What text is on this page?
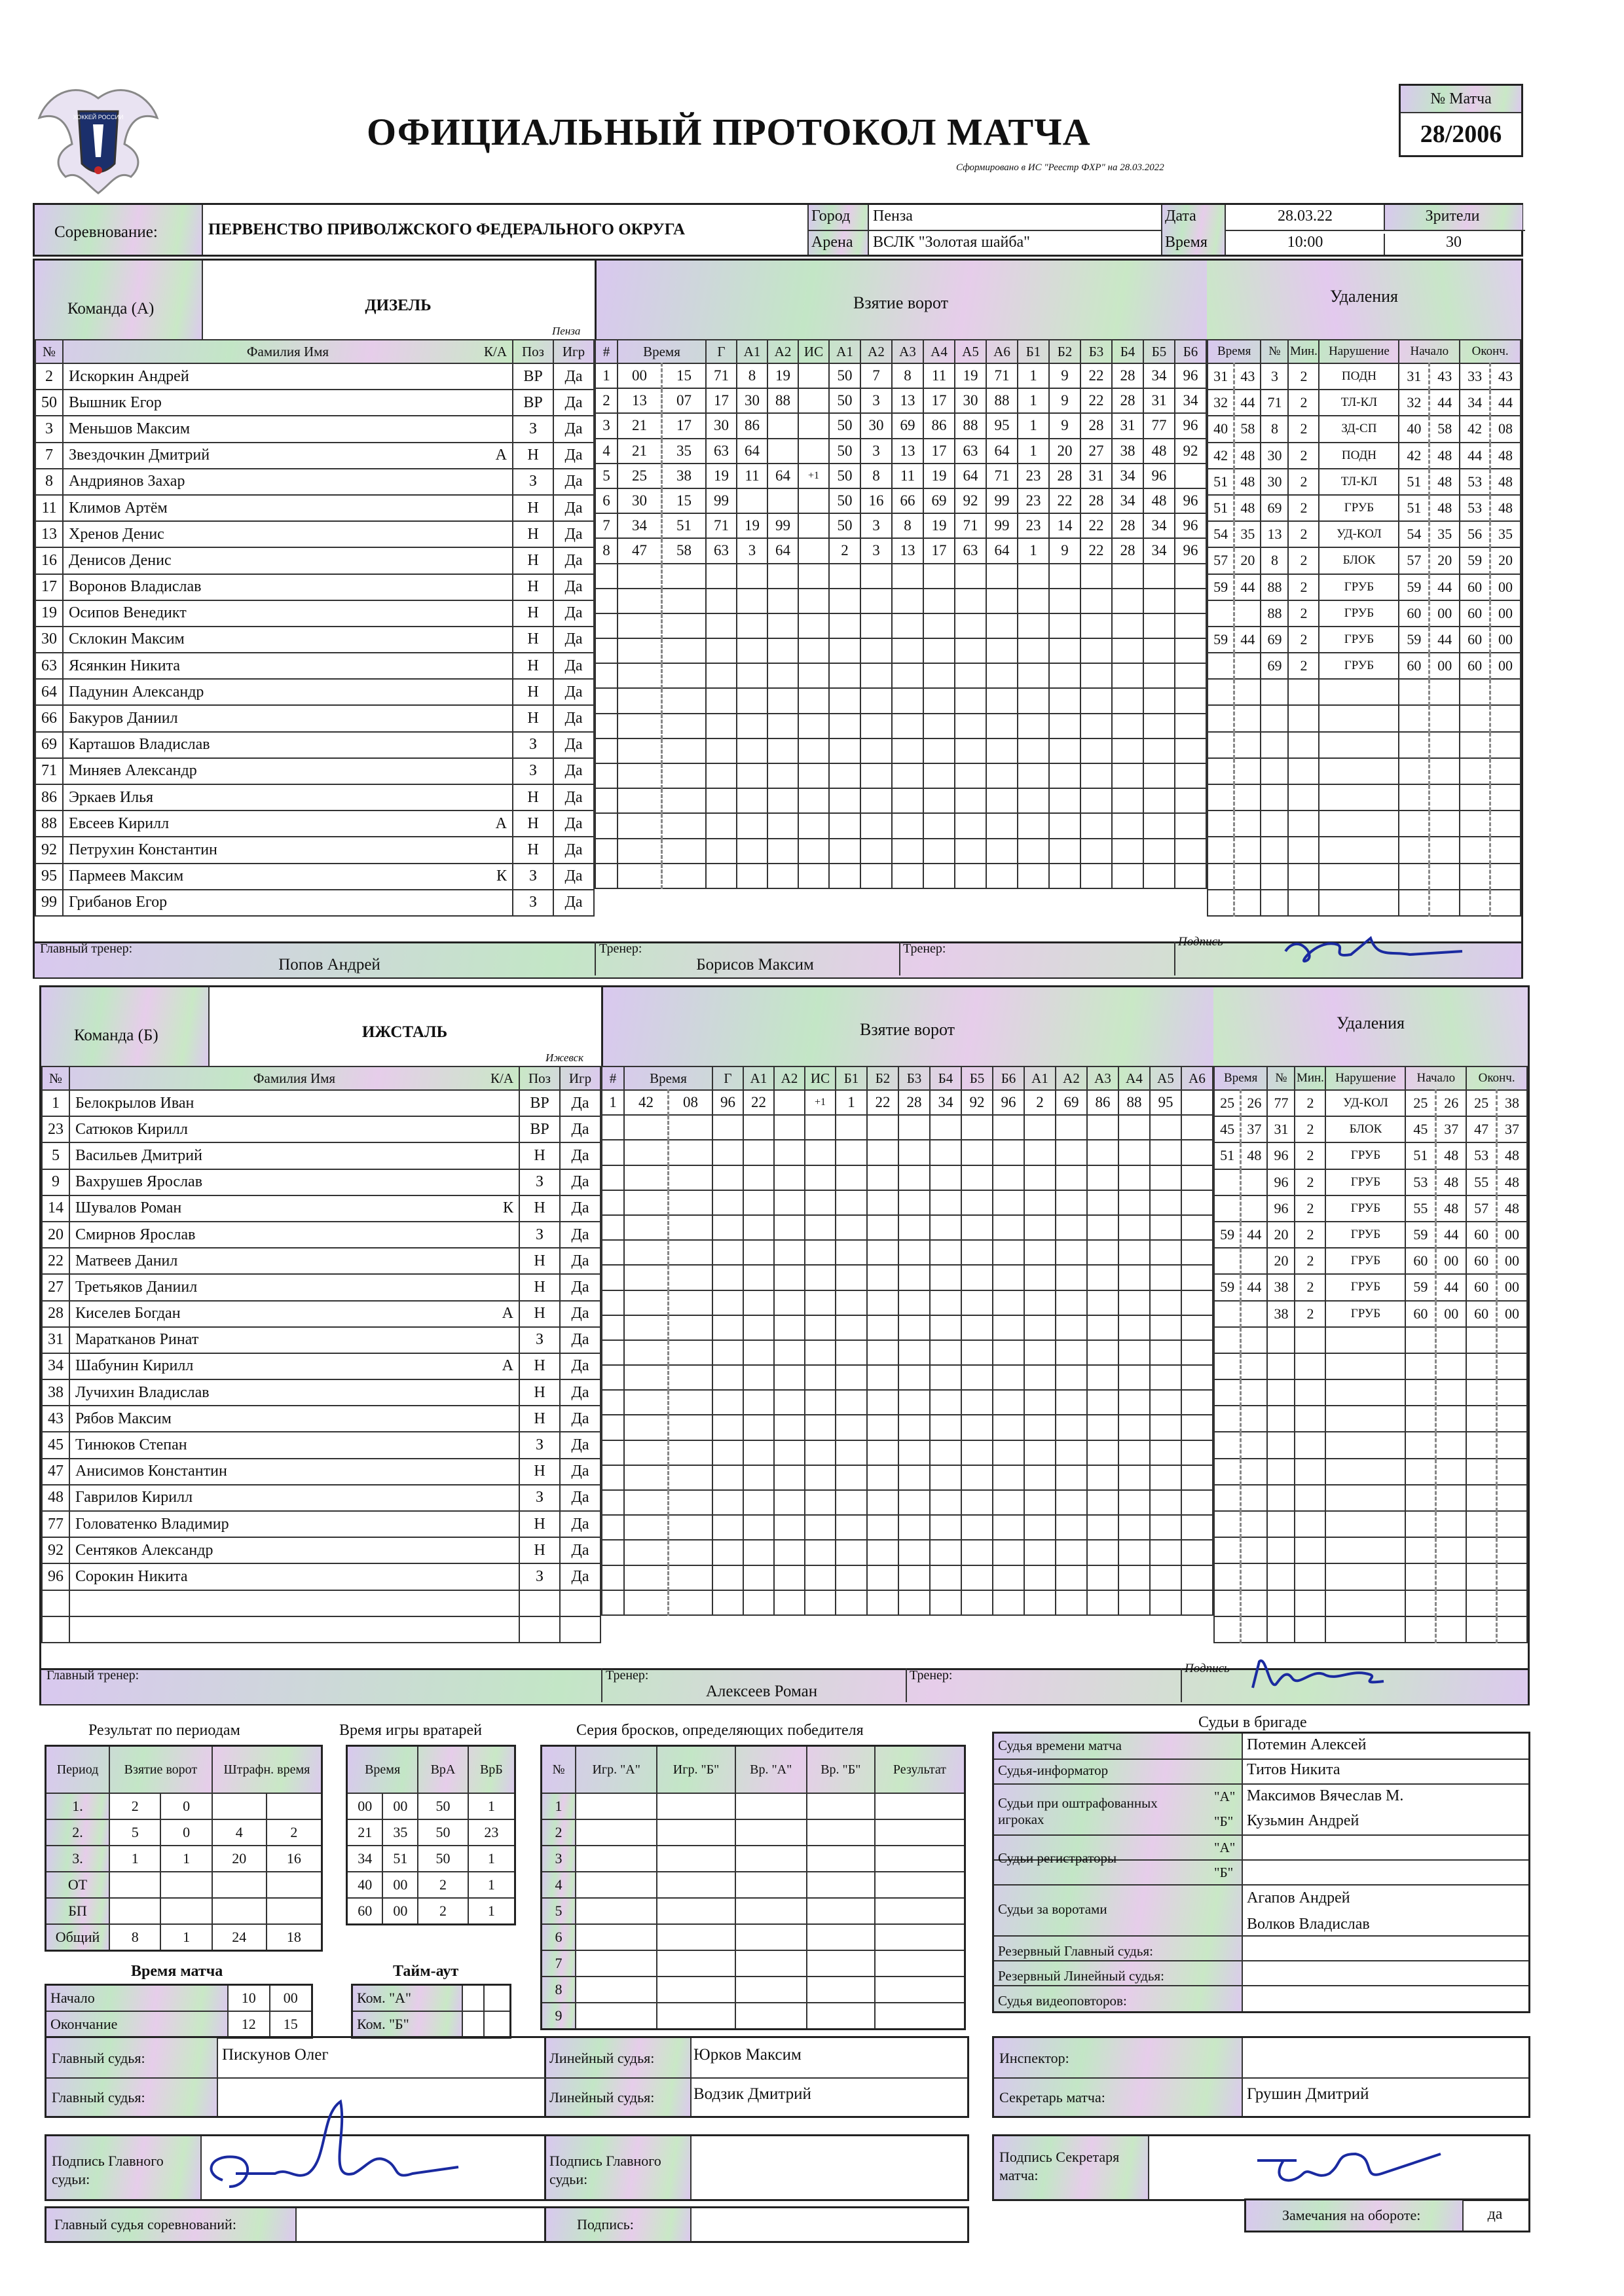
ХОККЕЙ РОССИИ	ОФИЦИАЛЬНЫЙ ПРОТОКОЛ МАТЧА
Сформировано в ИС "Реестр ФХР" на 28.03.2022
№ Матча
28/2006
Соревнование:	ПЕРВЕНСТВО ПРИВОЛЖСКОГО ФЕДЕРАЛЬНОГО ОКРУГА
Город Пенза
Арена ВСЛК "Золотая шайба"
Дата	28.03.22
Время	10:00
Зрители
30
Команда (А)	ДИЗЕЛЬ
Пенза
Взятие ворот	Удаления
№	Фамилия Имя К/А	Поз	Игр
2	Искоркин Андрей	ВР	Да
50	Вышник Егор	ВР	Да
3	Меньшов Максим	З	Да
7	Звездочкин Дмитрий А	Н	Да
8	Андриянов Захар	З	Да
11	Климов Артём	Н	Да
13	Хренов Денис	Н	Да
16	Денисов Денис	Н	Да
17	Воронов Владислав	Н	Да
19	Осипов Венедикт	Н	Да
30	Склокин Максим	Н	Да
63	Ясянкин Никита	Н	Да
64	Падунин Александр	Н	Да
66	Бакуров Даниил	Н	Да
69	Карташов Владислав	З	Да
71	Миняев Александр	З	Да
86	Эркаев Илья	Н	Да
88	Евсеев Кирилл А	Н	Да
92	Петрухин Константин	Н	Да
95	Пармеев Максим К	З	Да
99	Грибанов Егор	З	Да
#	Время		Г	А1	А2	ИС	А1	А2	А3	А4	А5	А6	Б1	Б2	Б3	Б4	Б5	Б6
1	00	15	71	8	19		50	7	8	11	19	71	1	9	22	28	34	96
2	13	07	17	30	88		50	3	13	17	30	88	1	9	22	28	31	34
3	21	17	30	86			50	30	69	86	88	95	1	9	28	31	77	96
4	21	35	63	64			50	3	13	17	63	64	1	20	27	38	48	92
5	25	38	19	11	64	+1	50	8	11	19	64	71	23	28	31	34	96	
6	30	15	99				50	16	66	69	92	99	23	22	28	34	48	96
7	34	51	71	19	99		50	3	8	19	71	99	23	14	22	28	34	96
8	47	58	63	3	64		2	3	13	17	63	64	1	9	22	28	34	96

Время		№	Мин.	Нарушение	Начало		Оконч.	
31	43	3	2	ПОДН	31	43	33	43
32	44	71	2	ТЛ-КЛ	32	44	34	44
40	58	8	2	ЗД-СП	40	58	42	08
42	48	30	2	ПОДН	42	48	44	48
51	48	30	2	ТЛ-КЛ	51	48	53	48
51	48	69	2	ГРУБ	51	48	53	48
54	35	13	2	УД-КОЛ	54	35	56	35
57	20	8	2	БЛОК	57	20	59	20
59	44	88	2	ГРУБ	59	44	60	00
		88	2	ГРУБ	60	00	60	00
59	44	69	2	ГРУБ	59	44	60	00
		69	2	ГРУБ	60	00	60	00

Главный тренер:
Попов Андрей
Тренер:
Борисов Максим
Тренер:	Подпись
Команда (Б)	ИЖСТАЛЬ
Ижевск
Взятие ворот	Удаления
№	Фамилия Имя К/А	Поз	Игр
1	Белокрылов Иван	ВР	Да
23	Сатюков Кирилл	ВР	Да
5	Васильев Дмитрий	Н	Да
9	Вахрушев Ярослав	З	Да
14	Шувалов Роман К	Н	Да
20	Смирнов Ярослав	З	Да
22	Матвеев Данил	Н	Да
27	Третьяков Даниил	Н	Да
28	Киселев Богдан А	Н	Да
31	Маратканов Ринат	З	Да
34	Шабунин Кирилл А	Н	Да
38	Лучихин Владислав	Н	Да
43	Рябов Максим	Н	Да
45	Тинюков Степан	З	Да
47	Анисимов Константин	Н	Да
48	Гаврилов Кирилл	З	Да
77	Головатенко Владимир	Н	Да
92	Сентяков Александр	Н	Да
96	Сорокин Никита	З	Да

#	Время		Г	А1	А2	ИС	Б1	Б2	Б3	Б4	Б5	Б6	А1	А2	А3	А4	А5	А6
1	42	08	96	22		+1	1	22	28	34	92	96	2	69	86	88	95	

Время		№	Мин.	Нарушение	Начало		Оконч.	
25	26	77	2	УД-КОЛ	25	26	25	38
45	37	31	2	БЛОК	45	37	47	37
51	48	96	2	ГРУБ	51	48	53	48
		96	2	ГРУБ	53	48	55	48
		96	2	ГРУБ	55	48	57	48
59	44	20	2	ГРУБ	59	44	60	00
		20	2	ГРУБ	60	00	60	00
59	44	38	2	ГРУБ	59	44	60	00
		38	2	ГРУБ	60	00	60	00

Главный тренер:	Тренер:
Алексеев Роман
Тренер:	Подпись
Результат по периодам
Период	Взятие ворот		Штрафн. время	
1.	2	0		
2.	5	0	4	2
3.	1	1	20	16
ОТ				
БП				
Общий	8	1	24	18
Время игры вратарей
Время		ВрА	ВрБ
00	00	50	1
21	35	50	23
34	51	50	1
40	00	2	1
60	00	2	1
Время матча
Начало	10	00
Окончание	12	15
Тайм-аут
Ком. "А"		
Ком. "Б"		
Серия бросков, определяющих победителя
№	Игр. "А"	Игр. "Б"	Вр. "А"	Вр. "Б"	Результат
1					
2					
3					
4					
5					
6					
7					
8					
9					
Судьи в бригаде
Судья времени матча	Потемин Алексей
Судья-информатор	Титов Никита
Судьи при оштрафованных игроках
"А" Максимов Вячеслав М.
"Б" Кузьмин Андрей
Судьи регистраторы
"А"
"Б"
Судьи за воротами
Агапов Андрей
Волков Владислав
Резервный Главный судья:
Резервный Линейный судья:
Судья видеоповторов:
Главный судья:	Пискунов Олег
Главный судья:
Линейный судья: Юрков Максим
Линейный судья: Водзик Дмитрий
Инспектор:
Секретарь матча:	Грушин Дмитрий
Подпись Главного судьи:
Подпись Главного судьи:
Подпись Секретаря матча:
Главный судья соревнований:	Подпись:
Замечания на обороте:	да
